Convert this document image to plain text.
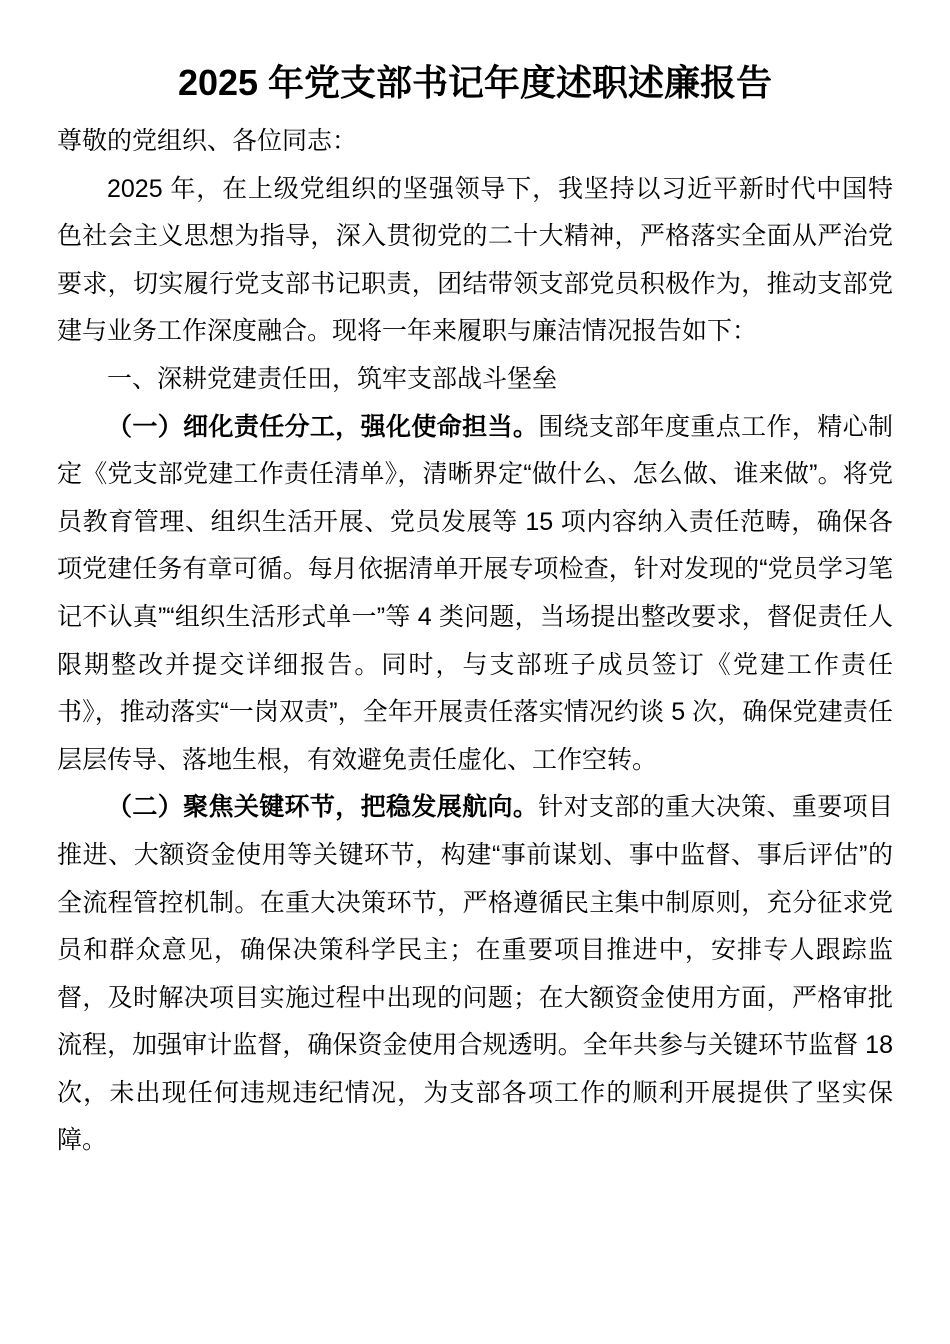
2025 年党支部书记年度述职述廉报告

尊敬的党组织、各位同志：

2025 年，在上级党组织的坚强领导下，我坚持以习近平新时代中国特色社会主义思想为指导，深入贯彻党的二十大精神，严格落实全面从严治党要求，切实履行党支部书记职责，团结带领支部党员积极作为，推动支部党建与业务工作深度融合。现将一年来履职与廉洁情况报告如下：

一、深耕党建责任田，筑牢支部战斗堡垒

（一）细化责任分工，强化使命担当。围绕支部年度重点工作，精心制定《党支部党建工作责任清单》，清晰界定“做什么、怎么做、谁来做”。将党员教育管理、组织生活开展、党员发展等 15 项内容纳入责任范畴，确保各项党建任务有章可循。每月依据清单开展专项检查，针对发现的“党员学习笔记不认真”“组织生活形式单一”等 4 类问题，当场提出整改要求，督促责任人限期整改并提交详细报告。同时，与支部班子成员签订《党建工作责任书》，推动落实“一岗双责”，全年开展责任落实情况约谈 5 次，确保党建责任层层传导、落地生根，有效避免责任虚化、工作空转。

（二）聚焦关键环节，把稳发展航向。针对支部的重大决策、重要项目推进、大额资金使用等关键环节，构建“事前谋划、事中监督、事后评估”的全流程管控机制。在重大决策环节，严格遵循民主集中制原则，充分征求党员和群众意见，确保决策科学民主；在重要项目推进中，安排专人跟踪监督，及时解决项目实施过程中出现的问题；在大额资金使用方面，严格审批流程，加强审计监督，确保资金使用合规透明。全年共参与关键环节监督 18 次，未出现任何违规违纪情况，为支部各项工作的顺利开展提供了坚实保障。
